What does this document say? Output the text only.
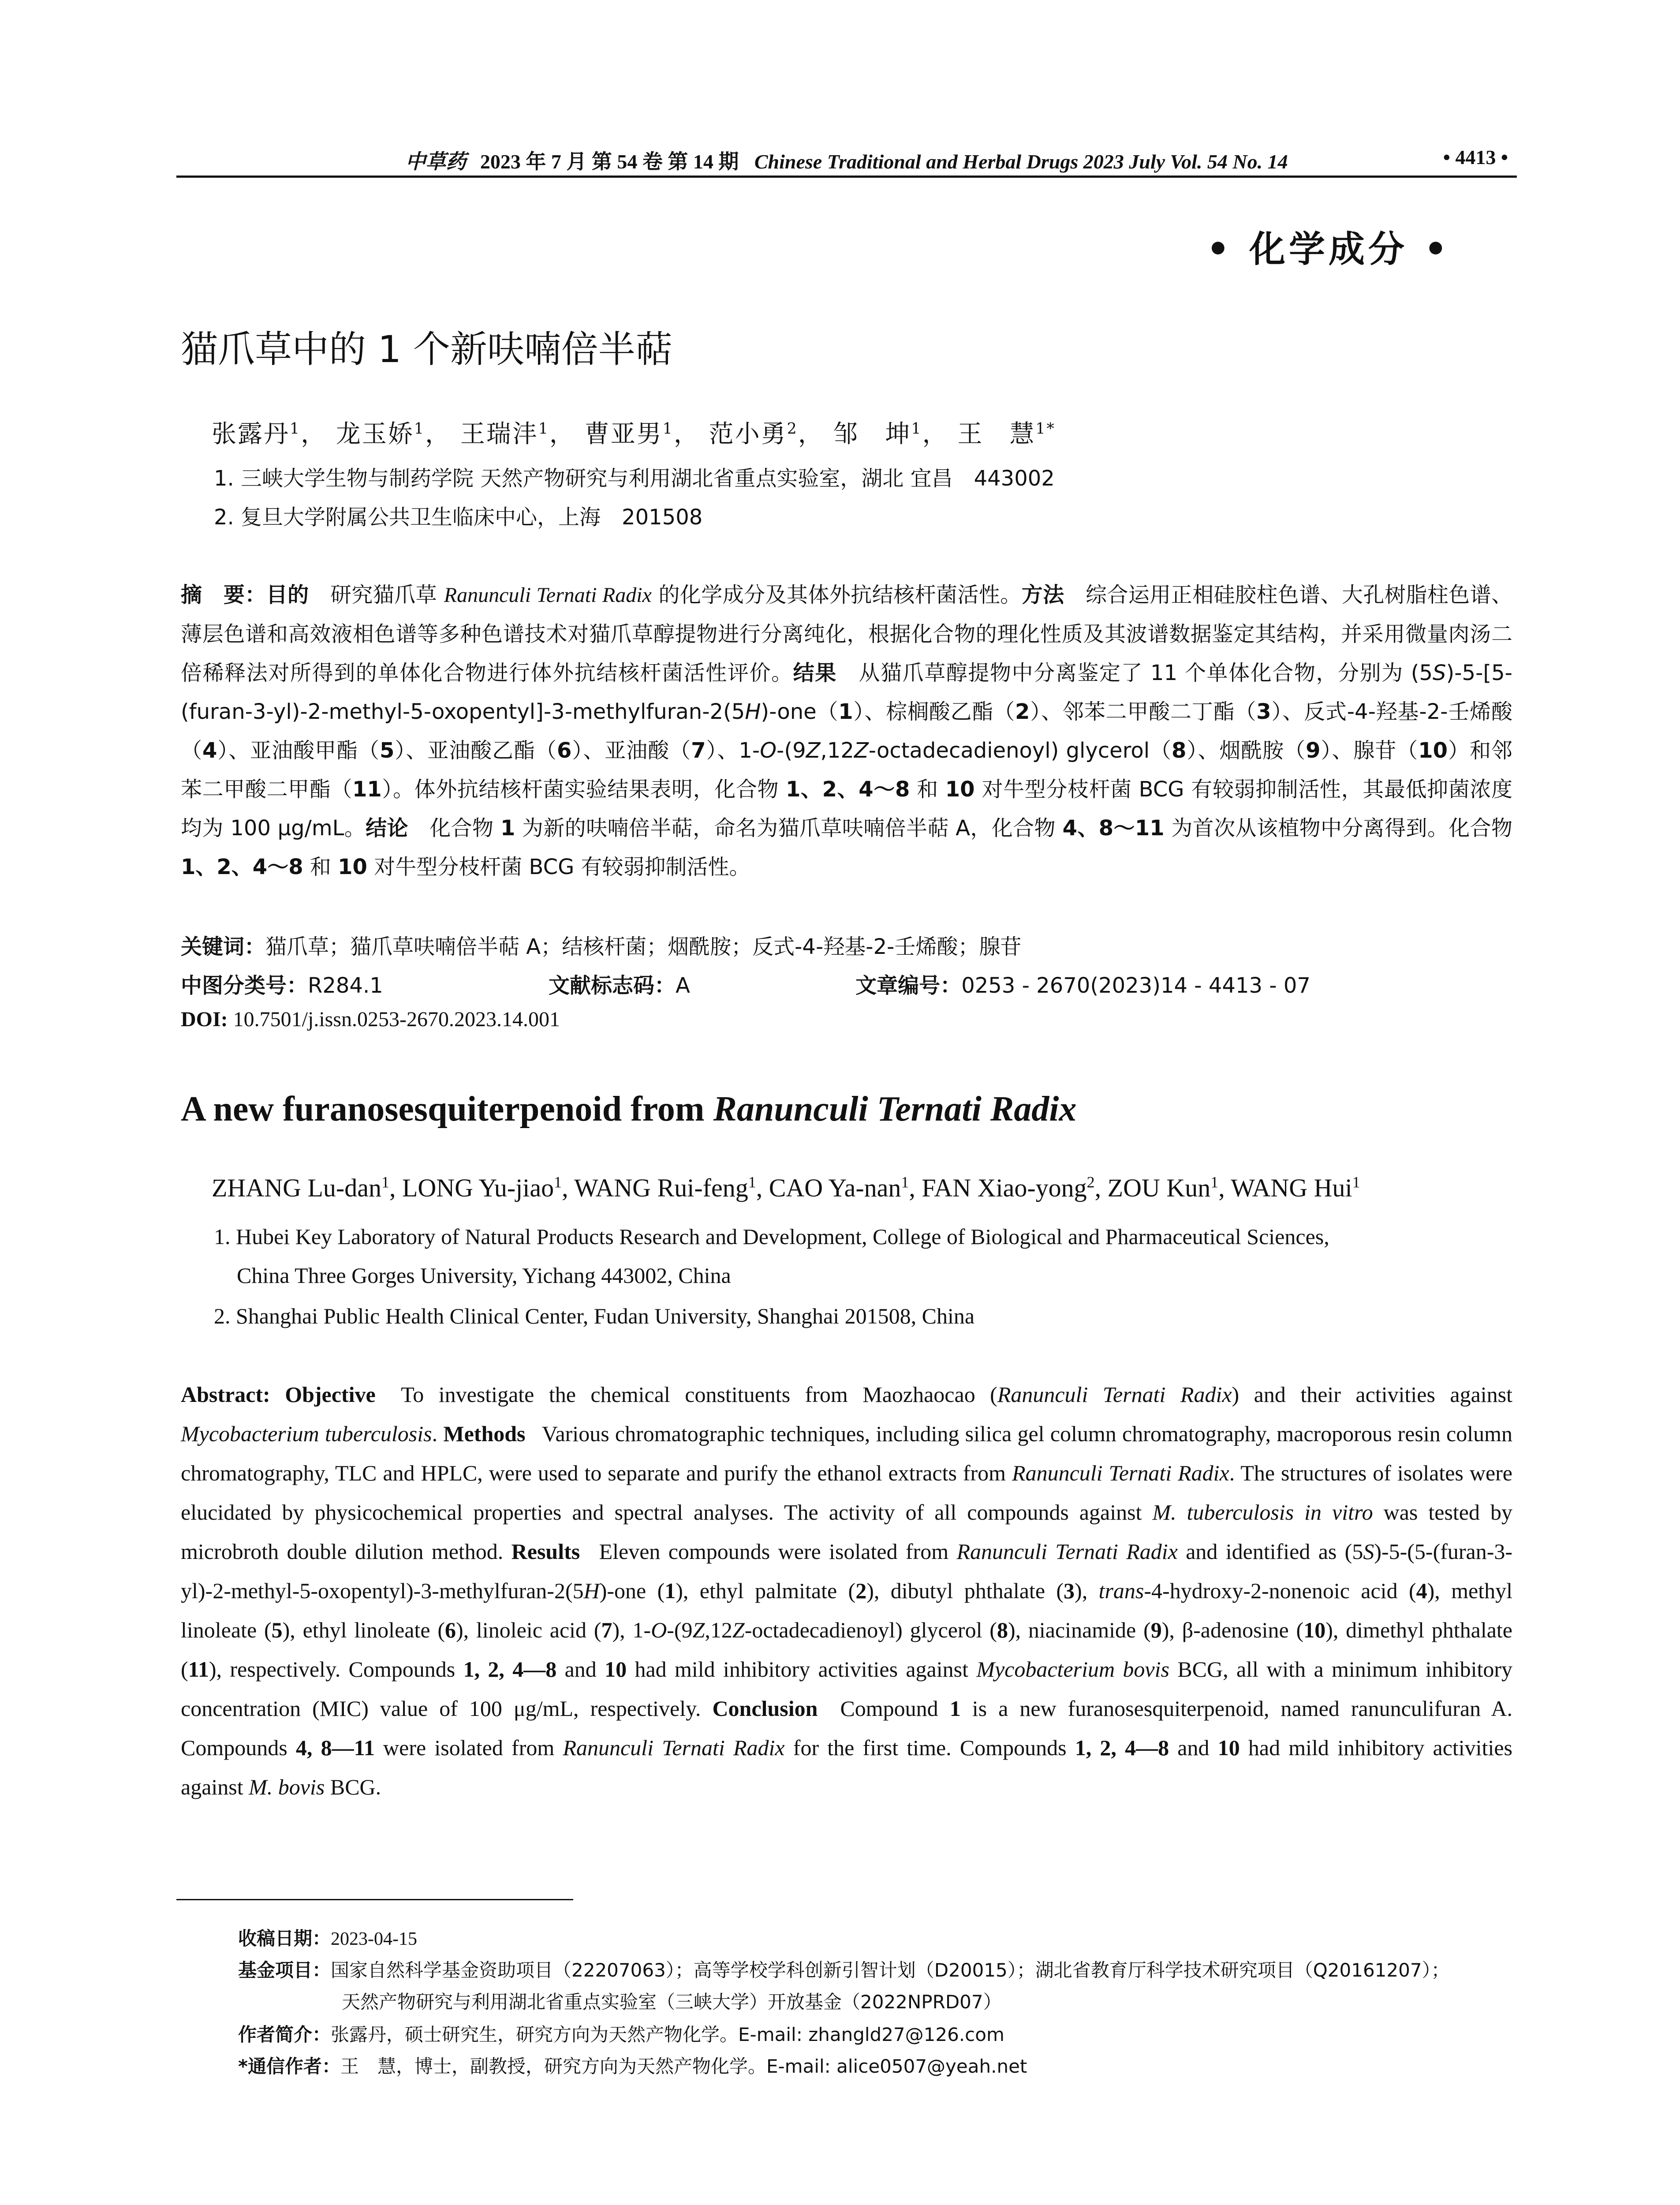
中草药 2023 年 7 月 第 54 卷 第 14 期 Chinese Traditional and Herbal Drugs 2023 July Vol. 54 No. 14	• 4413 •
• 化学成分 •
猫爪草中的 1 个新呋喃倍半萜
张露丹$^1$， 龙玉娇$^1$， 王瑞沣$^1$， 曹亚男$^1$， 范小勇$^2$， 邹　坤$^1$， 王　慧$^{1*}$
1. 三峡大学生物与制药学院 天然产物研究与利用湖北省重点实验室，湖北 宜昌　443002
2. 复旦大学附属公共卫生临床中心，上海　201508
摘　要：目的  研究猫爪草 Ranunculi Ternati Radix 的化学成分及其体外抗结核杆菌活性。方法  综合运用正相硅胶柱色谱、大孔树脂柱色谱、薄层色谱和高效液相色谱等多种色谱技术对猫爪草醇提物进行分离纯化，根据化合物的理化性质及其波谱数据鉴定其结构，并采用微量肉汤二倍稀释法对所得到的单体化合物进行体外抗结核杆菌活性评价。结果  从猫爪草醇提物中分离鉴定了 11 个单体化合物，分别为 (5S)-5-[5-(furan-3-yl)-2-methyl-5-oxopentyl]-3-methylfuran-2(5H)-one（1）、棕榈酸乙酯（2）、邻苯二甲酸二丁酯（3）、反式-4-羟基-2-壬烯酸（4）、亚油酸甲酯（5）、亚油酸乙酯（6）、亚油酸（7）、1-O-(9Z,12Z-octadecadienoyl) glycerol（8）、烟酰胺（9）、腺苷（10）和邻苯二甲酸二甲酯（11）。体外抗结核杆菌实验结果表明，化合物 1、2、4～8 和 10 对牛型分枝杆菌 BCG 有较弱抑制活性，其最低抑菌浓度均为 100 μg/mL。结论  化合物 1 为新的呋喃倍半萜，命名为猫爪草呋喃倍半萜 A，化合物 4、8～11 为首次从该植物中分离得到。化合物 1、2、4～8 和 10 对牛型分枝杆菌 BCG 有较弱抑制活性。
关键词：猫爪草；猫爪草呋喃倍半萜 A；结核杆菌；烟酰胺；反式-4-羟基-2-壬烯酸；腺苷
中图分类号：R284.1	文献标志码：A	文章编号：0253 - 2670(2023)14 - 4413 - 07
DOI: 10.7501/j.issn.0253-2670.2023.14.001
A new furanosesquiterpenoid from Ranunculi Ternati Radix
ZHANG Lu-dan$^1$, LONG Yu-jiao$^1$, WANG Rui-feng$^1$, CAO Ya-nan$^1$, FAN Xiao-yong$^2$, ZOU Kun$^1$, WANG Hui$^1$
1. Hubei Key Laboratory of Natural Products Research and Development, College of Biological and Pharmaceutical Sciences,
China Three Gorges University, Yichang 443002, China
2. Shanghai Public Health Clinical Center, Fudan University, Shanghai 201508, China
Abstract: Objective  To investigate the chemical constituents from Maozhaocao (Ranunculi Ternati Radix) and their activities against Mycobacterium tuberculosis. Methods  Various chromatographic techniques, including silica gel column chromatography, macroporous resin column chromatography, TLC and HPLC, were used to separate and purify the ethanol extracts from Ranunculi Ternati Radix. The structures of isolates were elucidated by physicochemical properties and spectral analyses. The activity of all compounds against M. tuberculosis in vitro was tested by microbroth double dilution method. Results  Eleven compounds were isolated from Ranunculi Ternati Radix and identified as (5S)-5-(5-(furan-3-yl)-2-methyl-5-oxopentyl)-3-methylfuran-2(5H)-one (1), ethyl palmitate (2), dibutyl phthalate (3), trans-4-hydroxy-2-nonenoic acid (4), methyl linoleate (5), ethyl linoleate (6), linoleic acid (7), 1-O-(9Z,12Z-octadecadienoyl) glycerol (8), niacinamide (9), β-adenosine (10), dimethyl phthalate (11), respectively. Compounds 1, 2, 4—8 and 10 had mild inhibitory activities against Mycobacterium bovis BCG, all with a minimum inhibitory concentration (MIC) value of 100 μg/mL, respectively. Conclusion  Compound 1 is a new furanosesquiterpenoid, named ranunculifuran A. Compounds 4, 8—11 were isolated from Ranunculi Ternati Radix for the first time. Compounds 1, 2, 4—8 and 10 had mild inhibitory activities against M. bovis BCG.
收稿日期：2023-04-15
基金项目：国家自然科学基金资助项目（22207063）；高等学校学科创新引智计划（D20015）；湖北省教育厅科学技术研究项目（Q20161207）；
天然产物研究与利用湖北省重点实验室（三峡大学）开放基金（2022NPRD07）
作者简介：张露丹，硕士研究生，研究方向为天然产物化学。E-mail: zhangld27@126.com
*通信作者：王　慧，博士，副教授，研究方向为天然产物化学。E-mail: alice0507@yeah.net
